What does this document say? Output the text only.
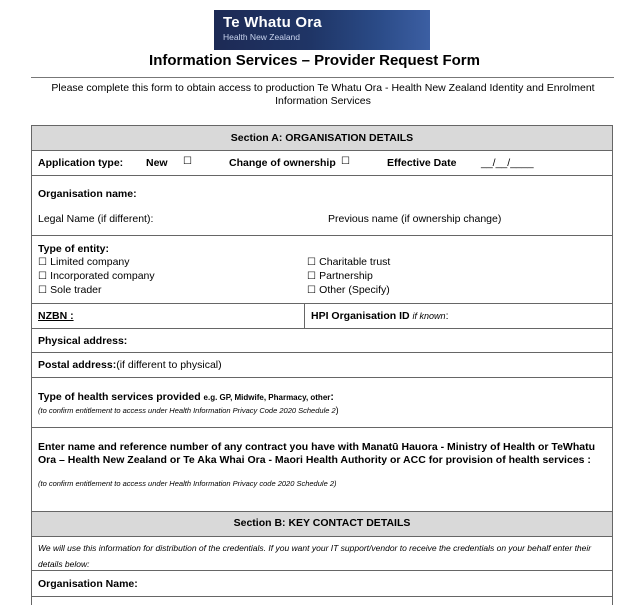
Te Whatu Ora
Health New Zealand
Information Services – Provider Request Form
Please complete this form to obtain access to production Te Whatu Ora - Health New Zealand Identity and Enrolment Information Services
Section A: ORGANISATION DETAILS
Application type: New ☐	Change of ownership ☐	Effective Date __/__/____
Organisation name:
Legal Name (if different):	Previous name (if ownership change)
Type of entity:
☐ Limited company
☐ Incorporated company
☐ Sole trader
☐ Charitable trust
☐ Partnership
☐ Other (Specify)
NZBN :	HPI Organisation ID if known:
Physical address:
Postal address:(if different to physical)
Type of health services provided e.g. GP, Midwife, Pharmacy, other:
(to confirm entitlement to access under Health Information Privacy Code 2020 Schedule 2)
Enter name and reference number of any contract you have with Manatū Hauora - Ministry of Health or TeWhatu Ora – Health New Zealand or Te Aka Whai Ora - Maori Health Authority or ACC for provision of health services :
(to confirm entitlement to access under Health Information Privacy code 2020 Schedule 2)
Section B: KEY CONTACT DETAILS
We will use this information for distribution of the credentials. If you want your IT support/vendor to receive the credentials on your behalf enter their details below:
Organisation Name:
